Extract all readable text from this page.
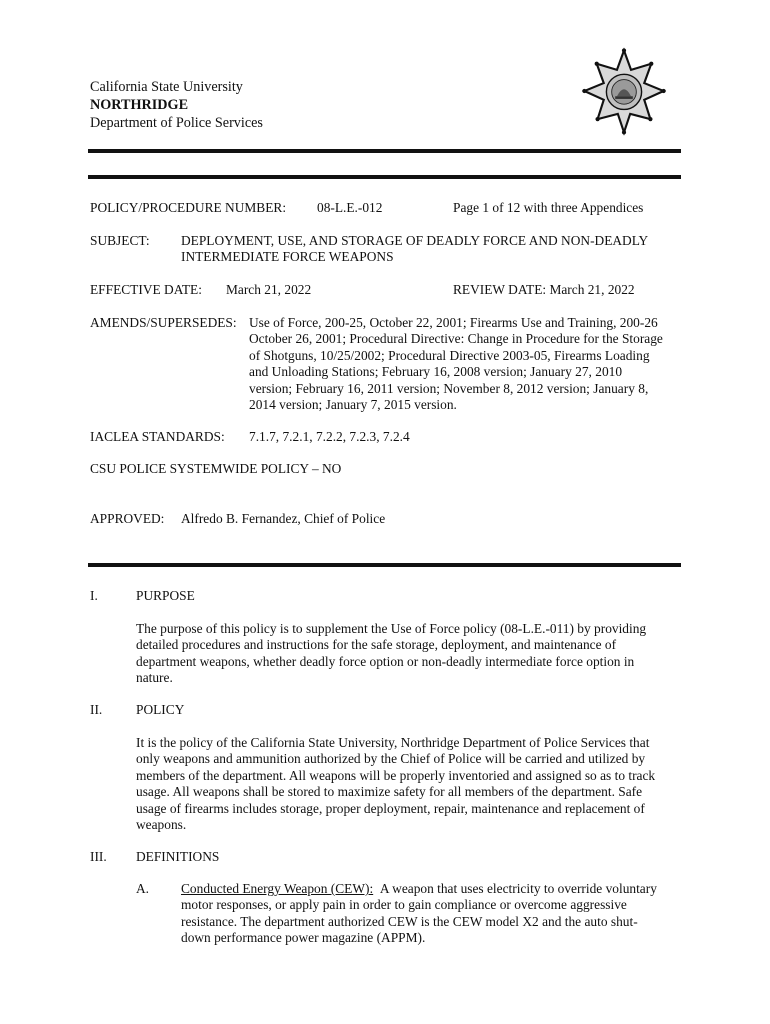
California State University
NORTHRIDGE
Department of Police Services
POLICY/PROCEDURE NUMBER: 08-L.E.-012	Page 1 of 12 with three Appendices
SUBJECT: DEPLOYMENT, USE, AND STORAGE OF DEADLY FORCE AND NON-DEADLY
INTERMEDIATE FORCE WEAPONS
EFFECTIVE DATE: March 21, 2022	REVIEW DATE: March 21, 2022
AMENDS/SUPERSEDES: Use of Force, 200-25, October 22, 2001; Firearms Use and Training, 200-26
October 26, 2001; Procedural Directive: Change in Procedure for the Storage
of Shotguns, 10/25/2002; Procedural Directive 2003-05, Firearms Loading
and Unloading Stations; February 16, 2008 version; January 27, 2010
version; February 16, 2011 version; November 8, 2012 version; January 8,
2014 version; January 7, 2015 version.
IACLEA STANDARDS: 7.1.7, 7.2.1, 7.2.2, 7.2.3, 7.2.4
CSU POLICE SYSTEMWIDE POLICY – NO
APPROVED: Alfredo B. Fernandez, Chief of Police
I.	PURPOSE
The purpose of this policy is to supplement the Use of Force policy (08-L.E.-011) by providing
detailed procedures and instructions for the safe storage, deployment, and maintenance of
department weapons, whether deadly force option or non-deadly intermediate force option in
nature.
II.	POLICY
It is the policy of the California State University, Northridge Department of Police Services that
only weapons and ammunition authorized by the Chief of Police will be carried and utilized by
members of the department. All weapons will be properly inventoried and assigned so as to track
usage. All weapons shall be stored to maximize safety for all members of the department. Safe
usage of firearms includes storage, proper deployment, repair, maintenance and replacement of
weapons.
III. DEFINITIONS
A. Conducted Energy Weapon (CEW): A weapon that uses electricity to override voluntary
motor responses, or apply pain in order to gain compliance or overcome aggressive
resistance. The department authorized CEW is the CEW model X2 and the auto shut-
down performance power magazine (APPM).
